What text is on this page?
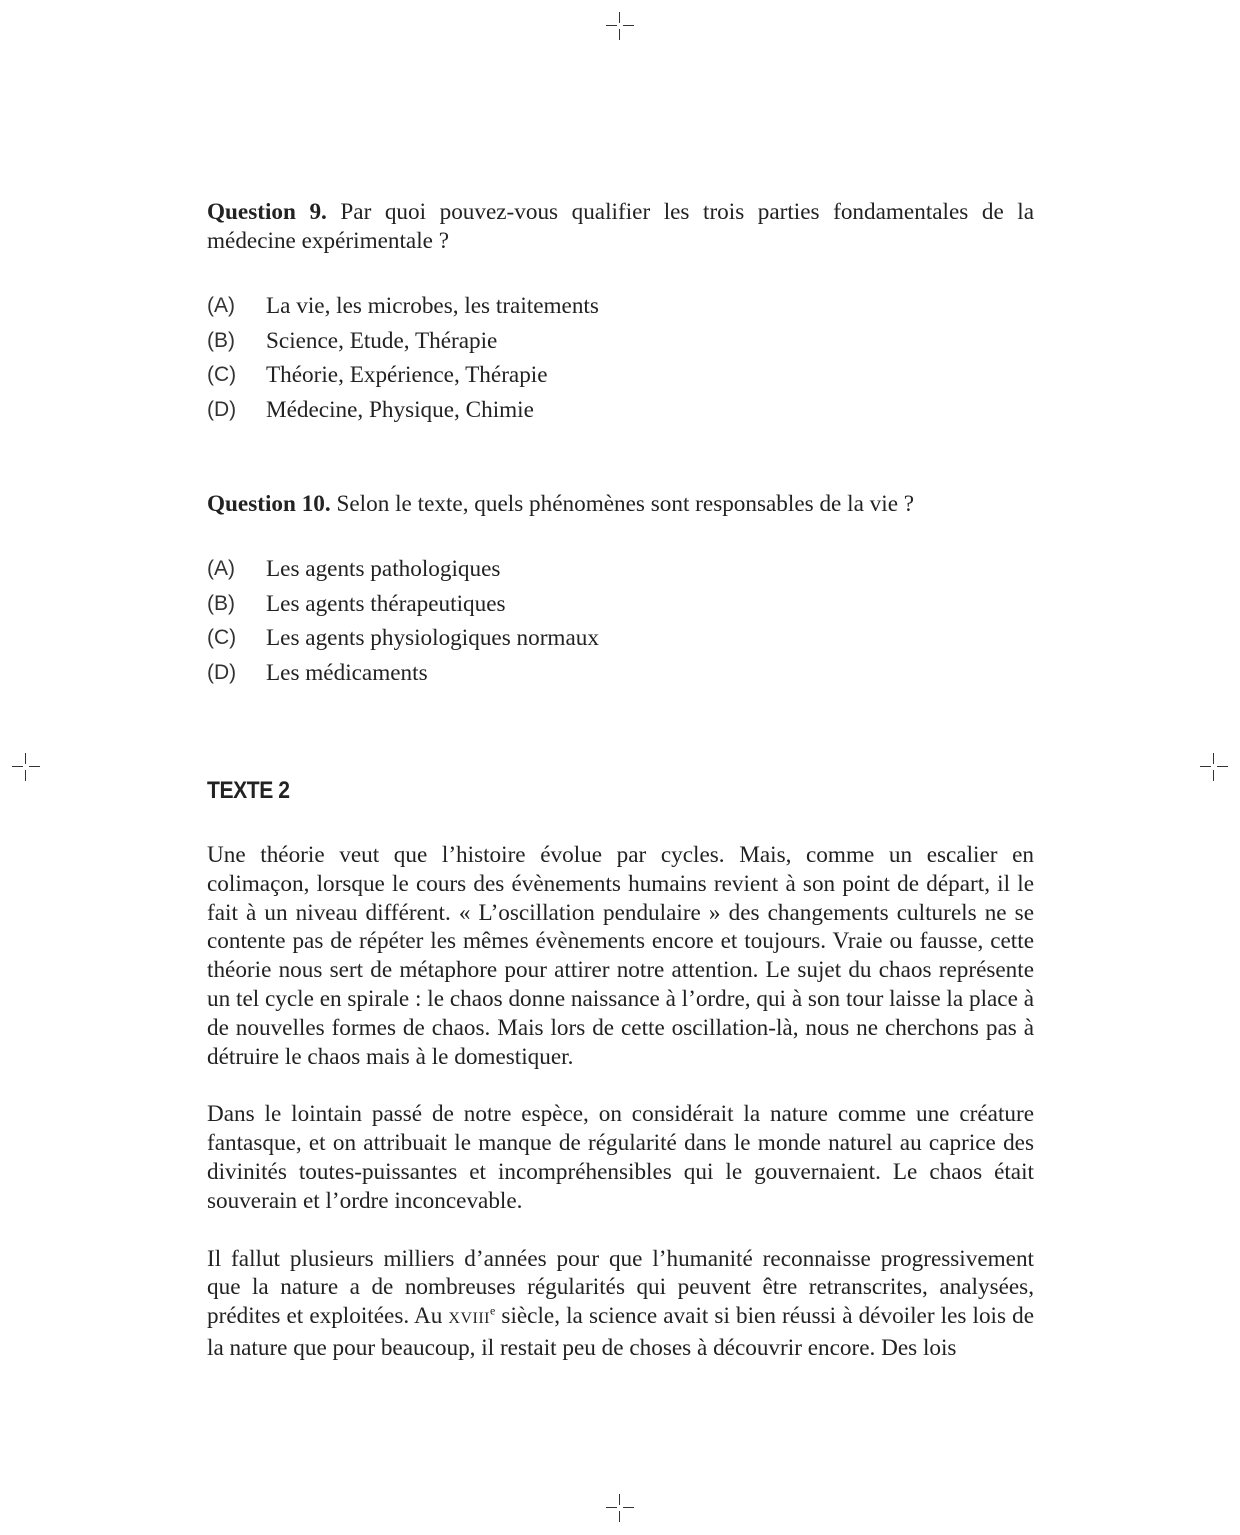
Question 9. Par quoi pouvez-vous qualifier les trois parties fondamentales de la médecine expérimentale ?

(A)	La vie, les microbes, les traitements
(B)	Science, Etude, Thérapie
(C)	Théorie, Expérience, Thérapie
(D)	Médecine, Physique, Chimie

Question 10. Selon le texte, quels phénomènes sont responsables de la vie ?

(A)	Les agents pathologiques
(B)	Les agents thérapeutiques
(C)	Les agents physiologiques normaux
(D)	Les médicaments
TEXTE 2

Une théorie veut que l’histoire évolue par cycles. Mais, comme un escalier en colimaçon, lorsque le cours des évènements humains revient à son point de départ, il le fait à un niveau différent. « L’oscillation pendulaire » des changements culturels ne se contente pas de répéter les mêmes évènements encore et toujours. Vraie ou fausse, cette théorie nous sert de métaphore pour attirer notre attention. Le sujet du chaos représente un tel cycle en spirale : le chaos donne naissance à l’ordre, qui à son tour laisse la place à de nouvelles formes de chaos. Mais lors de cette oscillation-là, nous ne cherchons pas à détruire le chaos mais à le domestiquer.

Dans le lointain passé de notre espèce, on considérait la nature comme une créature fantasque, et on attribuait le manque de régularité dans le monde naturel au caprice des divinités toutes-puissantes et incompréhensibles qui le gouvernaient. Le chaos était souverain et l’ordre inconcevable.

Il fallut plusieurs milliers d’années pour que l’humanité reconnaisse progressivement que la nature a de nombreuses régularités qui peuvent être retranscrites, analysées, prédites et exploitées. Au XVIIIe siècle, la science avait si bien réussi à dévoiler les lois de la nature que pour beaucoup, il restait peu de choses à découvrir encore. Des lois
